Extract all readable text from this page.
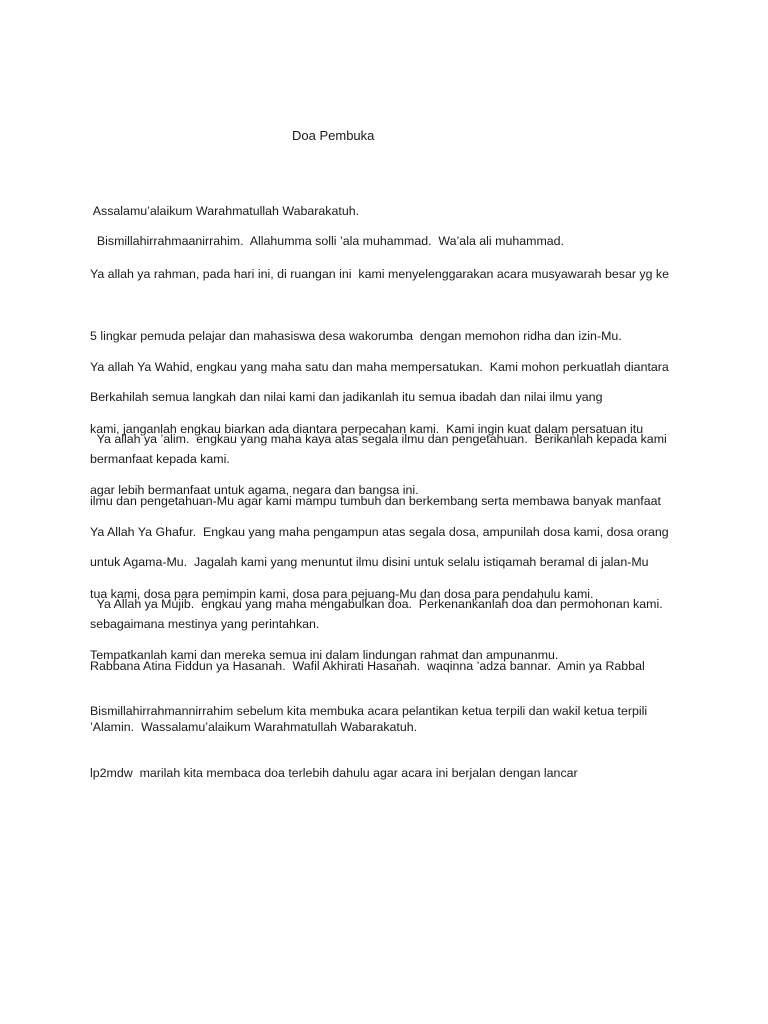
Doa Pembuka

Assalamu’alaikum Warahmatullah Wabarakatuh.

Bismillahirrahmaanirrahim.  Allahumma solli ’ala muhammad.  Wa’ala ali muhammad.

Ya allah ya rahman, pada hari ini, di ruangan ini  kami menyelenggarakan acara musyawarah besar yg ke

5 lingkar pemuda pelajar dan mahasiswa desa wakorumba  dengan memohon ridha dan izin-Mu.

Berkahilah semua langkah dan nilai kami dan jadikanlah itu semua ibadah dan nilai ilmu yang

bermanfaat kepada kami.

Ya allah Ya Wahid, engkau yang maha satu dan maha mempersatukan.  Kami mohon perkuatlah diantara

kami, janganlah engkau biarkan ada diantara perpecahan kami.  Kami ingin kuat dalam persatuan itu

agar lebih bermanfaat untuk agama, negara dan bangsa ini.

Ya allah ya ’alim.  engkau yang maha kaya atas segala ilmu dan pengetahuan.  Berikanlah kepada kami

ilmu dan pengetahuan-Mu agar kami mampu tumbuh dan berkembang serta membawa banyak manfaat

untuk Agama-Mu.  Jagalah kami yang menuntut ilmu disini untuk selalu istiqamah beramal di jalan-Mu

sebagaimana mestinya yang perintahkan.

Ya Allah Ya Ghafur.  Engkau yang maha pengampun atas segala dosa, ampunilah dosa kami, dosa orang

tua kami, dosa para pemimpin kami, dosa para pejuang-Mu dan dosa para pendahulu kami.

Tempatkanlah kami dan mereka semua ini dalam lindungan rahmat dan ampunanmu.

Ya Allah ya Mujib.  engkau yang maha mengabulkan doa.  Perkenankanlah doa dan permohonan kami.

Rabbana Atina Fiddun ya Hasanah.  Wafil Akhirati Hasanah.  waqinna ’adza bannar.  Amin ya Rabbal

’Alamin.  Wassalamu’alaikum Warahmatullah Wabarakatuh.

Bismillahirrahmannirrahim sebelum kita membuka acara pelantikan ketua terpili dan wakil ketua terpili

lp2mdw  marilah kita membaca doa terlebih dahulu agar acara ini berjalan dengan lancar
